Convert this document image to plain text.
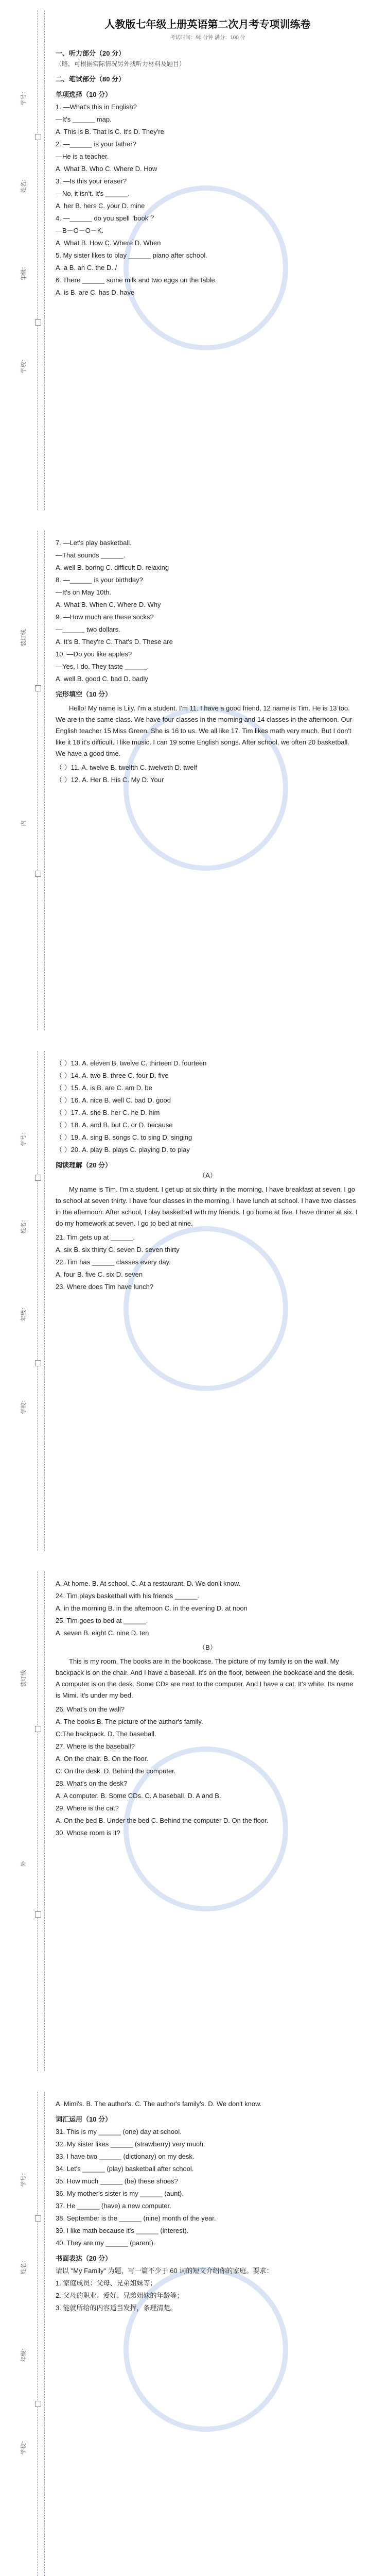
学号：
姓名：
年级：
学校：
人教版七年级上册英语第二次月考专项训练卷
考试时间：90 分钟 满分：100 分
一、听力部分（20 分）
（略，可根据实际情况另外找听力材料及题目）
二、笔试部分（80 分）
单项选择（10 分）
1. —What's this in English?
—It's ______ map.
A. This is B. That is C. It's D. They're
2. —______ is your father?
—He is a teacher.
A. What B. Who C. Where D. How
3. —Is this your eraser?
—No, it isn't. It's ______.
A. her B. hers C. your D. mine
4. —______ do you spell "book"？
—B－O－O－K.
A. What B. How C. Where D. When
5. My sister likes to play ______ piano after school.
A. a B. an C. the D. /
6. There ______ some milk and two eggs on the table.
A. is B. are C. has D. have
装订线
内
7. —Let's play basketball.
—That sounds ______.
A. well B. boring C. difficult D. relaxing
8. —______ is your birthday?
—It's on May 10th.
A. What B. When C. Where D. Why
9. —How much are these socks?
—______ two dollars.
A. It's B. They're C. That's D. These are
10. —Do you like apples?
—Yes, I do. They taste ______.
A. well B. good C. bad D. badly
完形填空（10 分）
Hello! My name is Lily. I'm a student. I'm 11. I have a good friend, 12 name is Tim. He is 13 too. We are in the same class. We have four classes in the morning and 14 classes in the afternoon. Our English teacher 15 Miss Green. She is 16 to us. We all like 17. Tim likes math very much. But I don't like it 18 it's difficult. I like music. I can 19 some English songs. After school, we often 20 basketball. We have a good time.
（ ）11. A. twelve B. twelfth C. twelveth D. twelf
（ ）12. A. Her B. His C. My D. Your
学号：
姓名：
年级：
学校：
（ ）13. A. eleven B. twelve C. thirteen D. fourteen
（ ）14. A. two B. three C. four D. five
（ ）15. A. is B. are C. am D. be
（ ）16. A. nice B. well C. bad D. good
（ ）17. A. she B. her C. he D. him
（ ）18. A. and B. but C. or D. because
（ ）19. A. sing B. songs C. to sing D. singing
（ ）20. A. play B. plays C. playing D. to play
阅读理解（20 分）
（A）
My name is Tim. I'm a student. I get up at six thirty in the morning. I have breakfast at seven. I go to school at seven thirty. I have four classes in the morning. I have lunch at school. I have two classes in the afternoon. After school, I play basketball with my friends. I go home at five. I have dinner at six. I do my homework at seven. I go to bed at nine.
21. Tim gets up at ______.
A. six B. six thirty C. seven D. seven thirty
22. Tim has ______ classes every day.
A. four B. five C. six D. seven
23. Where does Tim have lunch?
装订线
外
A. At home. B. At school. C. At a restaurant. D. We don't know.
24. Tim plays basketball with his friends ______.
A. in the morning B. in the afternoon C. in the evening D. at noon
25. Tim goes to bed at ______.
A. seven B. eight C. nine D. ten
（B）
This is my room. The books are in the bookcase. The picture of my family is on the wall. My backpack is on the chair. And I have a baseball. It's on the floor, between the bookcase and the desk. A computer is on the desk. Some CDs are next to the computer. And I have a cat. It's white. Its name is Mimi. It's under my bed.
26. What's on the wall?
A. The books B. The picture of the author's family.
C.The backpack. D. The baseball.
27. Where is the baseball?
A. On the chair. B. On the floor.
C. On the desk. D. Behind the computer.
28. What's on the desk?
A. A computer. B. Some CDs. C. A baseball. D. A and B.
29. Where is the cat?
A. On the bed B. Under the bed C. Behind the computer D. On the floor.
30. Whose room is it?
学号：
姓名：
年级：
学校：
A. Mimi's. B. The author's. C. The author's family's. D. We don't know.
词汇运用（10 分）
31. This is my ______ (one) day at school.
32. My sister likes ______ (strawberry) very much.
33. I have two ______ (dictionary) on my desk.
34. Let's ______ (play) basketball after school.
35. How much ______ (be) these shoes?
36. My mother's sister is my ______ (aunt).
37. He ______ (have) a new computer.
38. September is the ______ (nine) month of the year.
39. I like math because it's ______ (interest).
40. They are my ______ (parent).
书面表达（20 分）
请以 "My Family" 为题，写一篇不少于 60 词的短文介绍你的家庭。要求：
1. 家庭成员：父母、兄弟姐妹等；
2. 父母的职业、爱好、兄弟姐妹的年龄等；
3. 能就所给的内容适当发挥，条理清楚。
